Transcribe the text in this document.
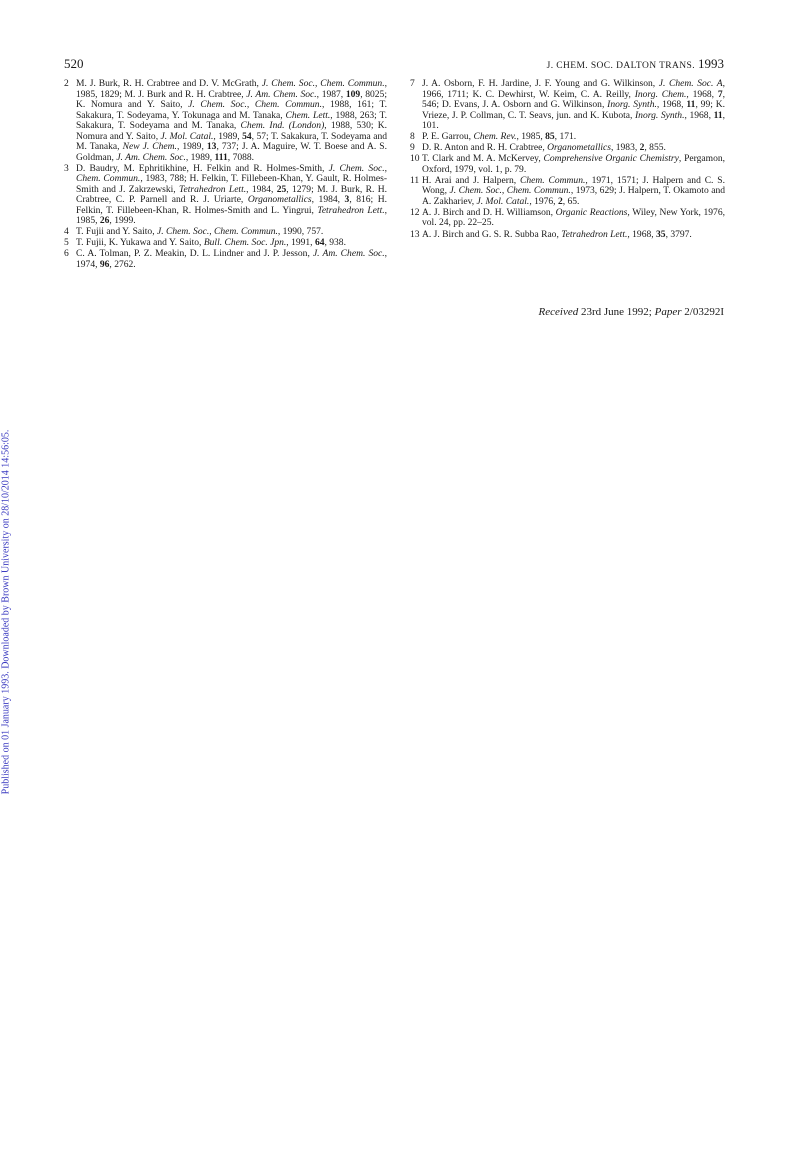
520	J. CHEM. SOC. DALTON TRANS. 1993
Published on 01 January 1993. Downloaded by Brown University on 28/10/2014 14:56:05.
2 M. J. Burk, R. H. Crabtree and D. V. McGrath, J. Chem. Soc., Chem. Commun., 1985, 1829; M. J. Burk and R. H. Crabtree, J. Am. Chem. Soc., 1987, 109, 8025; K. Nomura and Y. Saito, J. Chem. Soc., Chem. Commun., 1988, 161; T. Sakakura, T. Sodeyama, Y. Tokunaga and M. Tanaka, Chem. Lett., 1988, 263; T. Sakakura, T. Sodeyama and M. Tanaka, Chem. Ind. (London), 1988, 530; K. Nomura and Y. Saito, J. Mol. Catal., 1989, 54, 57; T. Sakakura, T. Sodeyama and M. Tanaka, New J. Chem., 1989, 13, 737; J. A. Maguire, W. T. Boese and A. S. Goldman, J. Am. Chem. Soc., 1989, 111, 7088.
3 D. Baudry, M. Ephritikhine, H. Felkin and R. Holmes-Smith, J. Chem. Soc., Chem. Commun., 1983, 788; H. Felkin, T. Fillebeen-Khan, Y. Gault, R. Holmes-Smith and J. Zakrzewski, Tetrahedron Lett., 1984, 25, 1279; M. J. Burk, R. H. Crabtree, C. P. Parnell and R. J. Uriarte, Organometallics, 1984, 3, 816; H. Felkin, T. Fillebeen-Khan, R. Holmes-Smith and L. Yingrui, Tetrahedron Lett., 1985, 26, 1999.
4 T. Fujii and Y. Saito, J. Chem. Soc., Chem. Commun., 1990, 757.
5 T. Fujii, K. Yukawa and Y. Saito, Bull. Chem. Soc. Jpn., 1991, 64, 938.
6 C. A. Tolman, P. Z. Meakin, D. L. Lindner and J. P. Jesson, J. Am. Chem. Soc., 1974, 96, 2762.
7 J. A. Osborn, F. H. Jardine, J. F. Young and G. Wilkinson, J. Chem. Soc. A, 1966, 1711; K. C. Dewhirst, W. Keim, C. A. Reilly, Inorg. Chem., 1968, 7, 546; D. Evans, J. A. Osborn and G. Wilkinson, Inorg. Synth., 1968, 11, 99; K. Vrieze, J. P. Collman, C. T. Seavs, jun. and K. Kubota, Inorg. Synth., 1968, 11, 101.
8 P. E. Garrou, Chem. Rev., 1985, 85, 171.
9 D. R. Anton and R. H. Crabtree, Organometallics, 1983, 2, 855.
10 T. Clark and M. A. McKervey, Comprehensive Organic Chemistry, Pergamon, Oxford, 1979, vol. 1, p. 79.
11 H. Arai and J. Halpern, Chem. Commun., 1971, 1571; J. Halpern and C. S. Wong, J. Chem. Soc., Chem. Commun., 1973, 629; J. Halpern, T. Okamoto and A. Zakhariev, J. Mol. Catal., 1976, 2, 65.
12 A. J. Birch and D. H. Williamson, Organic Reactions, Wiley, New York, 1976, vol. 24, pp. 22–25.
13 A. J. Birch and G. S. R. Subba Rao, Tetrahedron Lett., 1968, 35, 3797.
Received 23rd June 1992; Paper 2/03292I
